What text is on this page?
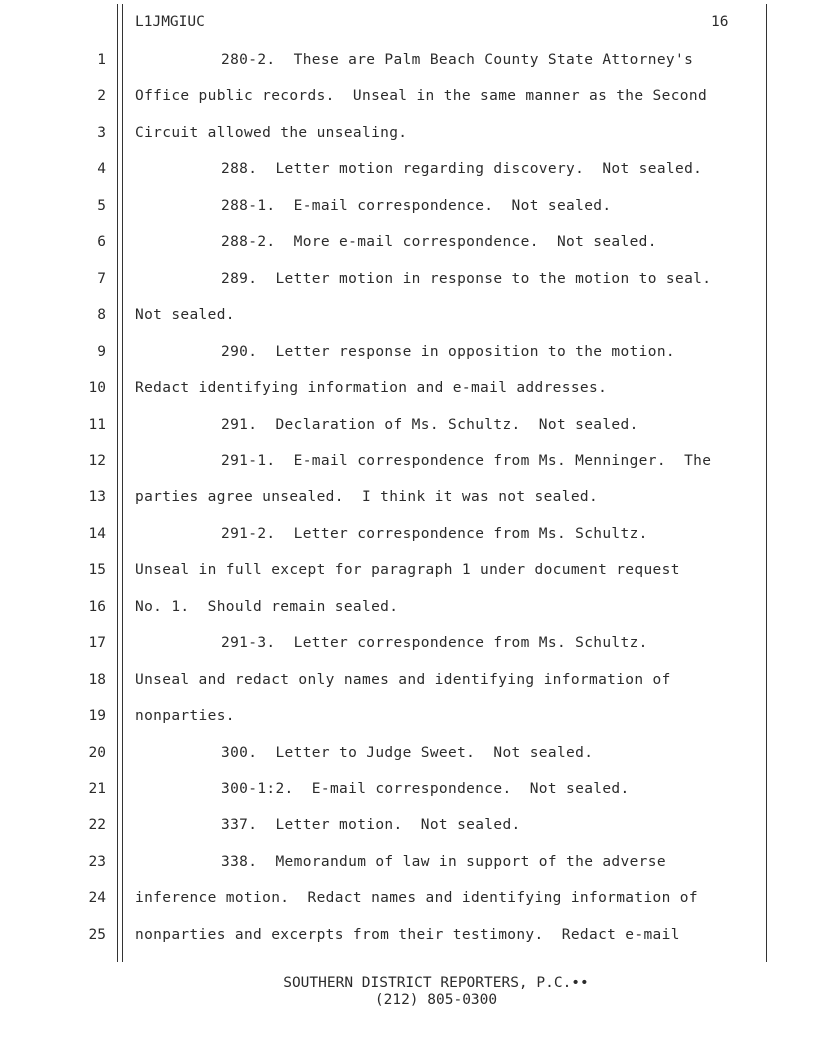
L1JMGIUC	16
1	280-2.  These are Palm Beach County State Attorney's
2 Office public records.  Unseal in the same manner as the Second
3 Circuit allowed the unsealing.
4	288.  Letter motion regarding discovery.  Not sealed.
5	288-1.  E-mail correspondence.  Not sealed.
6	288-2.  More e-mail correspondence.  Not sealed.
7	289.  Letter motion in response to the motion to seal.
8 Not sealed.
9	290.  Letter response in opposition to the motion.
10 Redact identifying information and e-mail addresses.
11	291.  Declaration of Ms. Schultz.  Not sealed.
12	291-1.  E-mail correspondence from Ms. Menninger.  The
13 parties agree unsealed.  I think it was not sealed.
14	291-2.  Letter correspondence from Ms. Schultz.
15 Unseal in full except for paragraph 1 under document request
16 No. 1.  Should remain sealed.
17	291-3.  Letter correspondence from Ms. Schultz.
18 Unseal and redact only names and identifying information of
19 nonparties.
20	300.  Letter to Judge Sweet.  Not sealed.
21	300-1:2.  E-mail correspondence.  Not sealed.
22	337.  Letter motion.  Not sealed.
23	338.  Memorandum of law in support of the adverse
24 inference motion.  Redact names and identifying information of
25 nonparties and excerpts from their testimony.  Redact e-mail
SOUTHERN DISTRICT REPORTERS, P.C.••
(212) 805-0300
